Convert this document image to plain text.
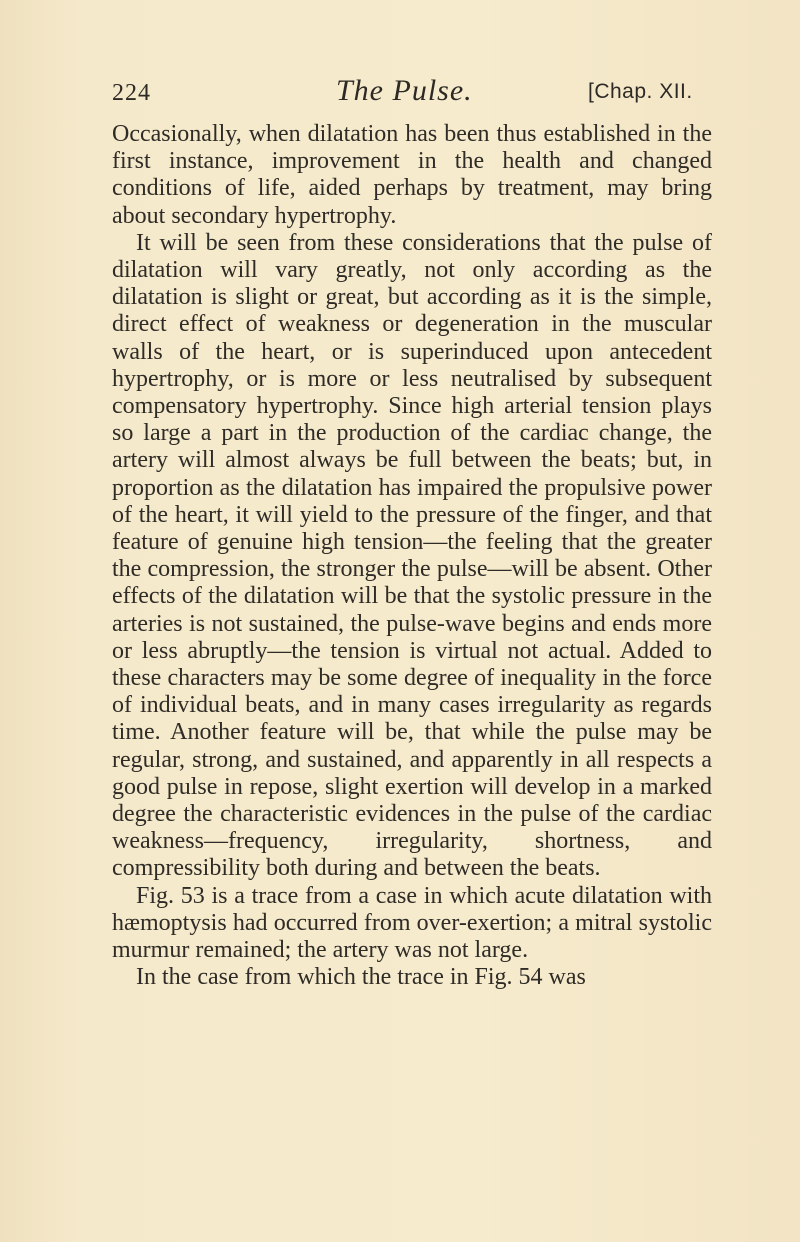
224	The Pulse.	[Chap. XII.

Occasionally, when dilatation has been thus established in the first instance, improvement in the health and changed conditions of life, aided perhaps by treatment, may bring about secondary hypertrophy.

It will be seen from these considerations that the pulse of dilatation will vary greatly, not only according as the dilatation is slight or great, but according as it is the simple, direct effect of weakness or degeneration in the muscular walls of the heart, or is superinduced upon antecedent hypertrophy, or is more or less neutralised by subsequent compensatory hypertrophy. Since high arterial tension plays so large a part in the production of the cardiac change, the artery will almost always be full between the beats; but, in proportion as the dilatation has impaired the propulsive power of the heart, it will yield to the pressure of the finger, and that feature of genuine high tension—the feeling that the greater the compression, the stronger the pulse—will be absent. Other effects of the dilatation will be that the systolic pressure in the arteries is not sustained, the pulse-wave begins and ends more or less abruptly—the tension is virtual not actual. Added to these characters may be some degree of inequality in the force of individual beats, and in many cases irregularity as regards time. Another feature will be, that while the pulse may be regular, strong, and sustained, and apparently in all respects a good pulse in repose, slight exertion will develop in a marked degree the characteristic evidences in the pulse of the cardiac weakness—frequency, irregularity, shortness, and compressibility both during and between the beats.

Fig. 53 is a trace from a case in which acute dilatation with hæmoptysis had occurred from over-exertion; a mitral systolic murmur remained; the artery was not large.

In the case from which the trace in Fig. 54 was
